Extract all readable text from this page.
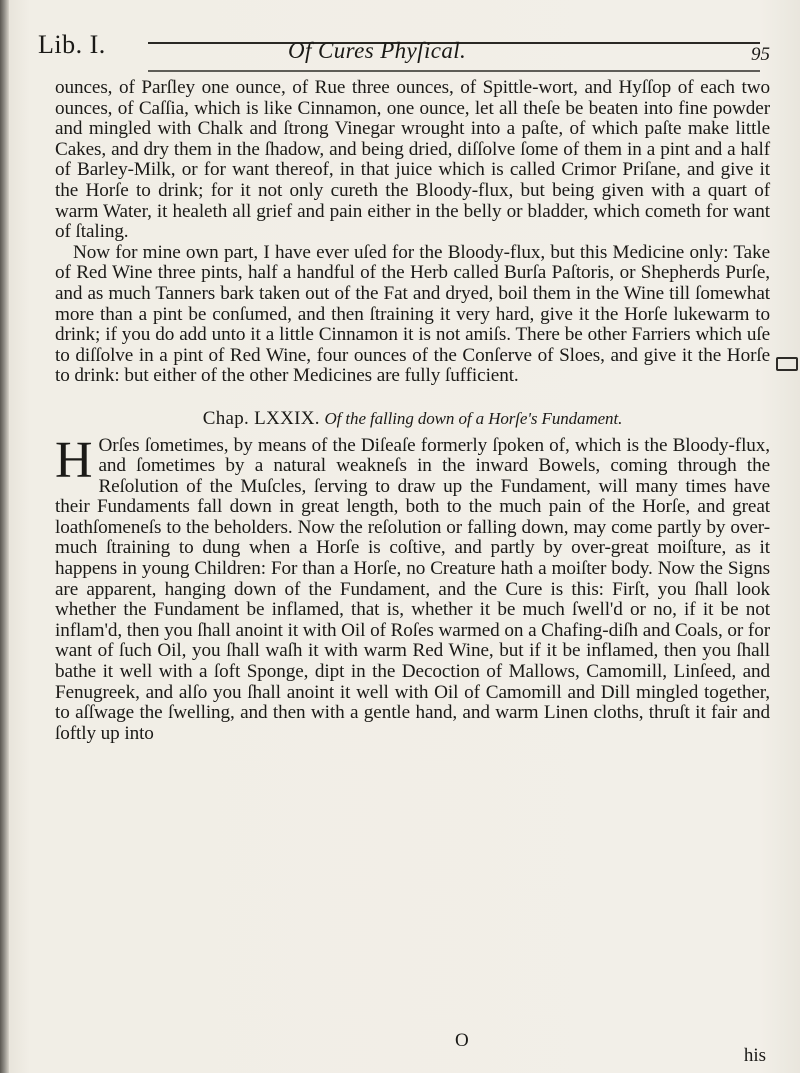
Lib. I.	Of Cures Phyſical.	95

ounces, of Parſley one ounce, of Rue three ounces, of Spittle-wort, and Hyſſop of each two ounces, of Caſſia, which is like Cinnamon, one ounce, let all theſe be beaten into fine powder and mingled with Chalk and ſtrong Vinegar wrought into a paſte, of which paſte make little Cakes, and dry them in the ſhadow, and being dried, diſſolve ſome of them in a pint and a half of Barley-Milk, or for want thereof, in that juice which is called Crimor Priſane, and give it the Horſe to drink; for it not only cureth the Bloody-flux, but being given with a quart of warm Water, it healeth all grief and pain either in the belly or bladder, which cometh for want of ſtaling.

Now for mine own part, I have ever uſed for the Bloody-flux, but this Medicine only: Take of Red Wine three pints, half a handful of the Herb called Burſa Paſtoris, or Shepherds Purſe, and as much Tanners bark taken out of the Fat and dryed, boil them in the Wine till ſomewhat more than a pint be conſumed, and then ſtraining it very hard, give it the Horſe lukewarm to drink; if you do add unto it a little Cinnamon it is not amiſs. There be other Farriers which uſe to diſſolve in a pint of Red Wine, four ounces of the Conſerve of Sloes, and give it the Horſe to drink: but either of the other Medicines are fully ſufficient.

Chap. LXXIX. Of the falling down of a Horſe's Fundament.

H Orſes ſometimes, by means of the Diſeaſe formerly ſpoken of, which is the Bloody-flux, and ſometimes by a natural weakneſs in the inward Bowels, coming through the Reſolution of the Muſcles, ſerving to draw up the Fundament, will many times have their Fundaments fall down in great length, both to the much pain of the Horſe, and great loathſomeneſs to the beholders. Now the reſolution or falling down, may come partly by over-much ſtraining to dung when a Horſe is coſtive, and partly by over-great moiſture, as it happens in young Children: For than a Horſe, no Creature hath a moiſter body. Now the Signs are apparent, hanging down of the Fundament, and the Cure is this: Firſt, you ſhall look whether the Fundament be inflamed, that is, whether it be much ſwell'd or no, if it be not inflam'd, then you ſhall anoint it with Oil of Roſes warmed on a Chafing-diſh and Coals, or for want of ſuch Oil, you ſhall waſh it with warm Red Wine, but if it be inflamed, then you ſhall bathe it well with a ſoft Sponge, dipt in the Decoction of Mallows, Camomill, Linſeed, and Fenugreek, and alſo you ſhall anoint it well with Oil of Camomill and Dill mingled together, to aſſwage the ſwelling, and then with a gentle hand, and warm Linen cloths, thruſt it fair and ſoftly up into

O
his
